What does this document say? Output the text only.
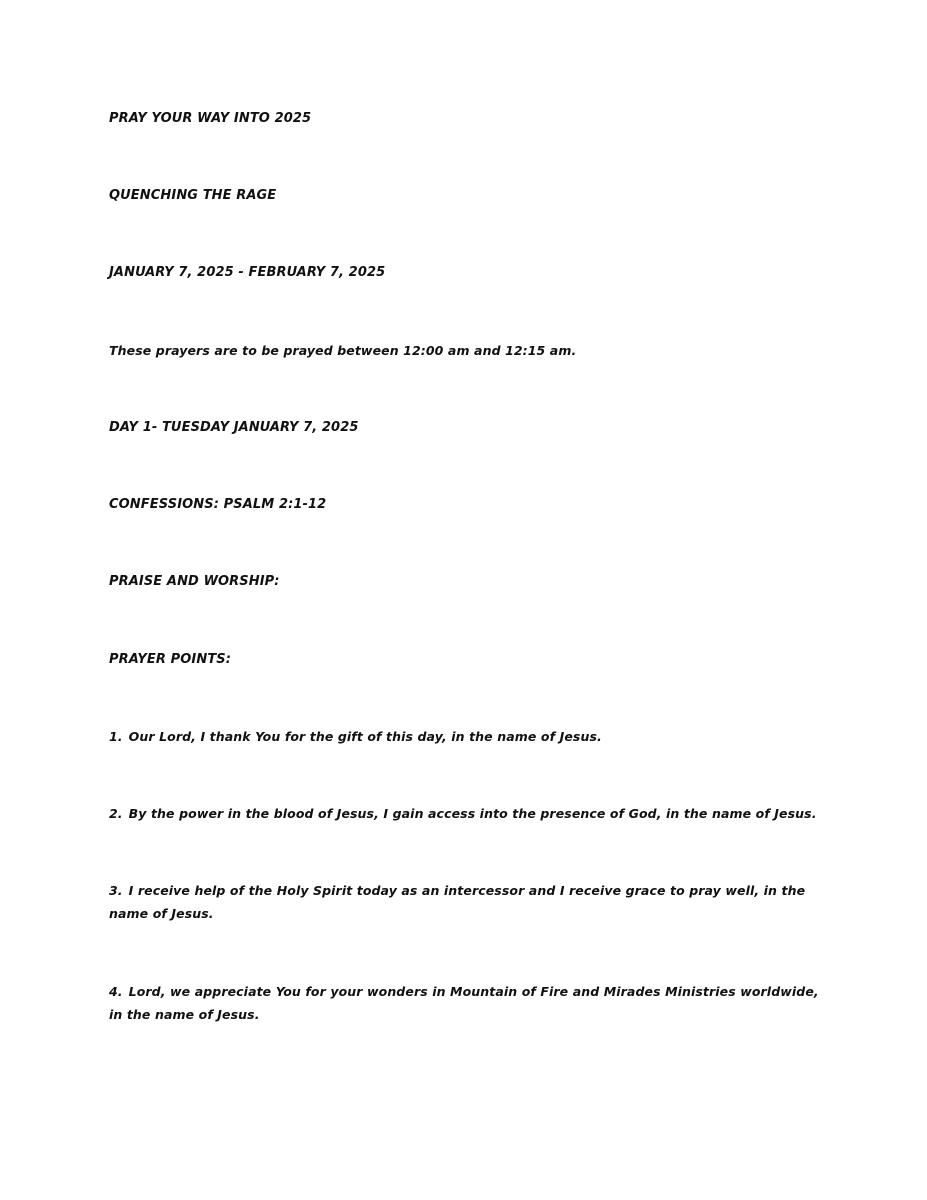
PRAY YOUR WAY INTO 2025
QUENCHING THE RAGE
JANUARY 7, 2025 - FEBRUARY 7, 2025
These prayers are to be prayed between 12:00 am and 12:15 am.
DAY 1- TUESDAY JANUARY 7, 2025
CONFESSIONS: PSALM 2:1-12
PRAISE AND WORSHIP:
PRAYER POINTS:
1. Our Lord, I thank You for the gift of this day, in the name of Jesus.
2. By the power in the blood of Jesus, I gain access into the presence of God, in the name of Jesus.
3. I receive help of the Holy Spirit today as an intercessor and I receive grace to pray well, in the name of Jesus.
4. Lord, we appreciate You for your wonders in Mountain of Fire and Mirades Ministries worldwide, in the name of Jesus.
